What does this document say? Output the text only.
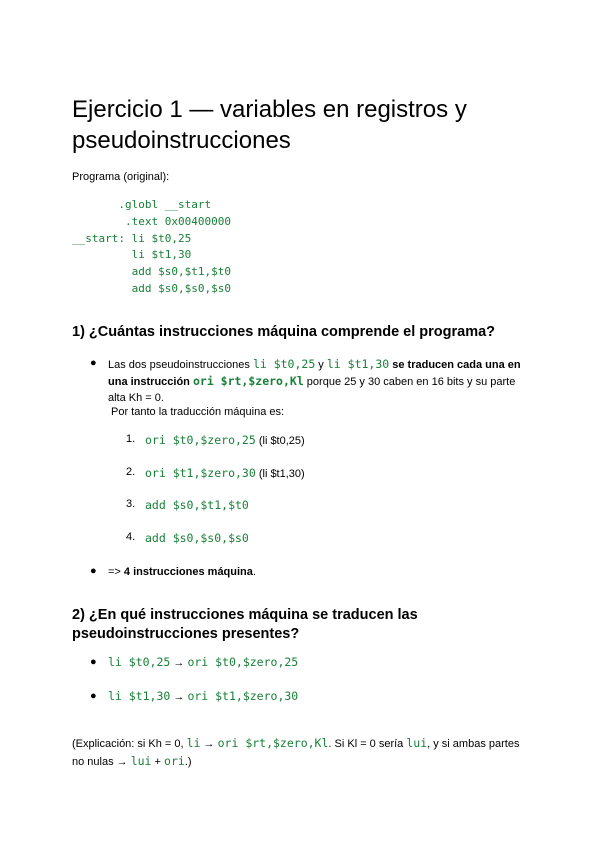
Ejercicio 1 — variables en registros y pseudoinstrucciones
Programa (original):
.globl __start
.text 0x00400000
__start: li $t0,25
li $t1,30
add $s0,$t1,$t0
add $s0,$s0,$s0
1) ¿Cuántas instrucciones máquina comprende el programa?
● Las dos pseudoinstrucciones li $t0,25 y li $t1,30 se traducen cada una en una instrucción ori $rt,$zero,Kl porque 25 y 30 caben en 16 bits y su parte alta Kh = 0.
Por tanto la traducción máquina es:
1. ori $t0,$zero,25 (li $t0,25)
2. ori $t1,$zero,30 (li $t1,30)
3. add $s0,$t1,$t0
4. add $s0,$s0,$s0
● => 4 instrucciones máquina.
2) ¿En qué instrucciones máquina se traducen las pseudoinstrucciones presentes?
● li $t0,25 → ori $t0,$zero,25
● li $t1,30 → ori $t1,$zero,30
(Explicación: si Kh = 0, li → ori $rt,$zero,Kl. Si Kl = 0 sería lui, y si ambas partes no nulas → lui + ori.)
